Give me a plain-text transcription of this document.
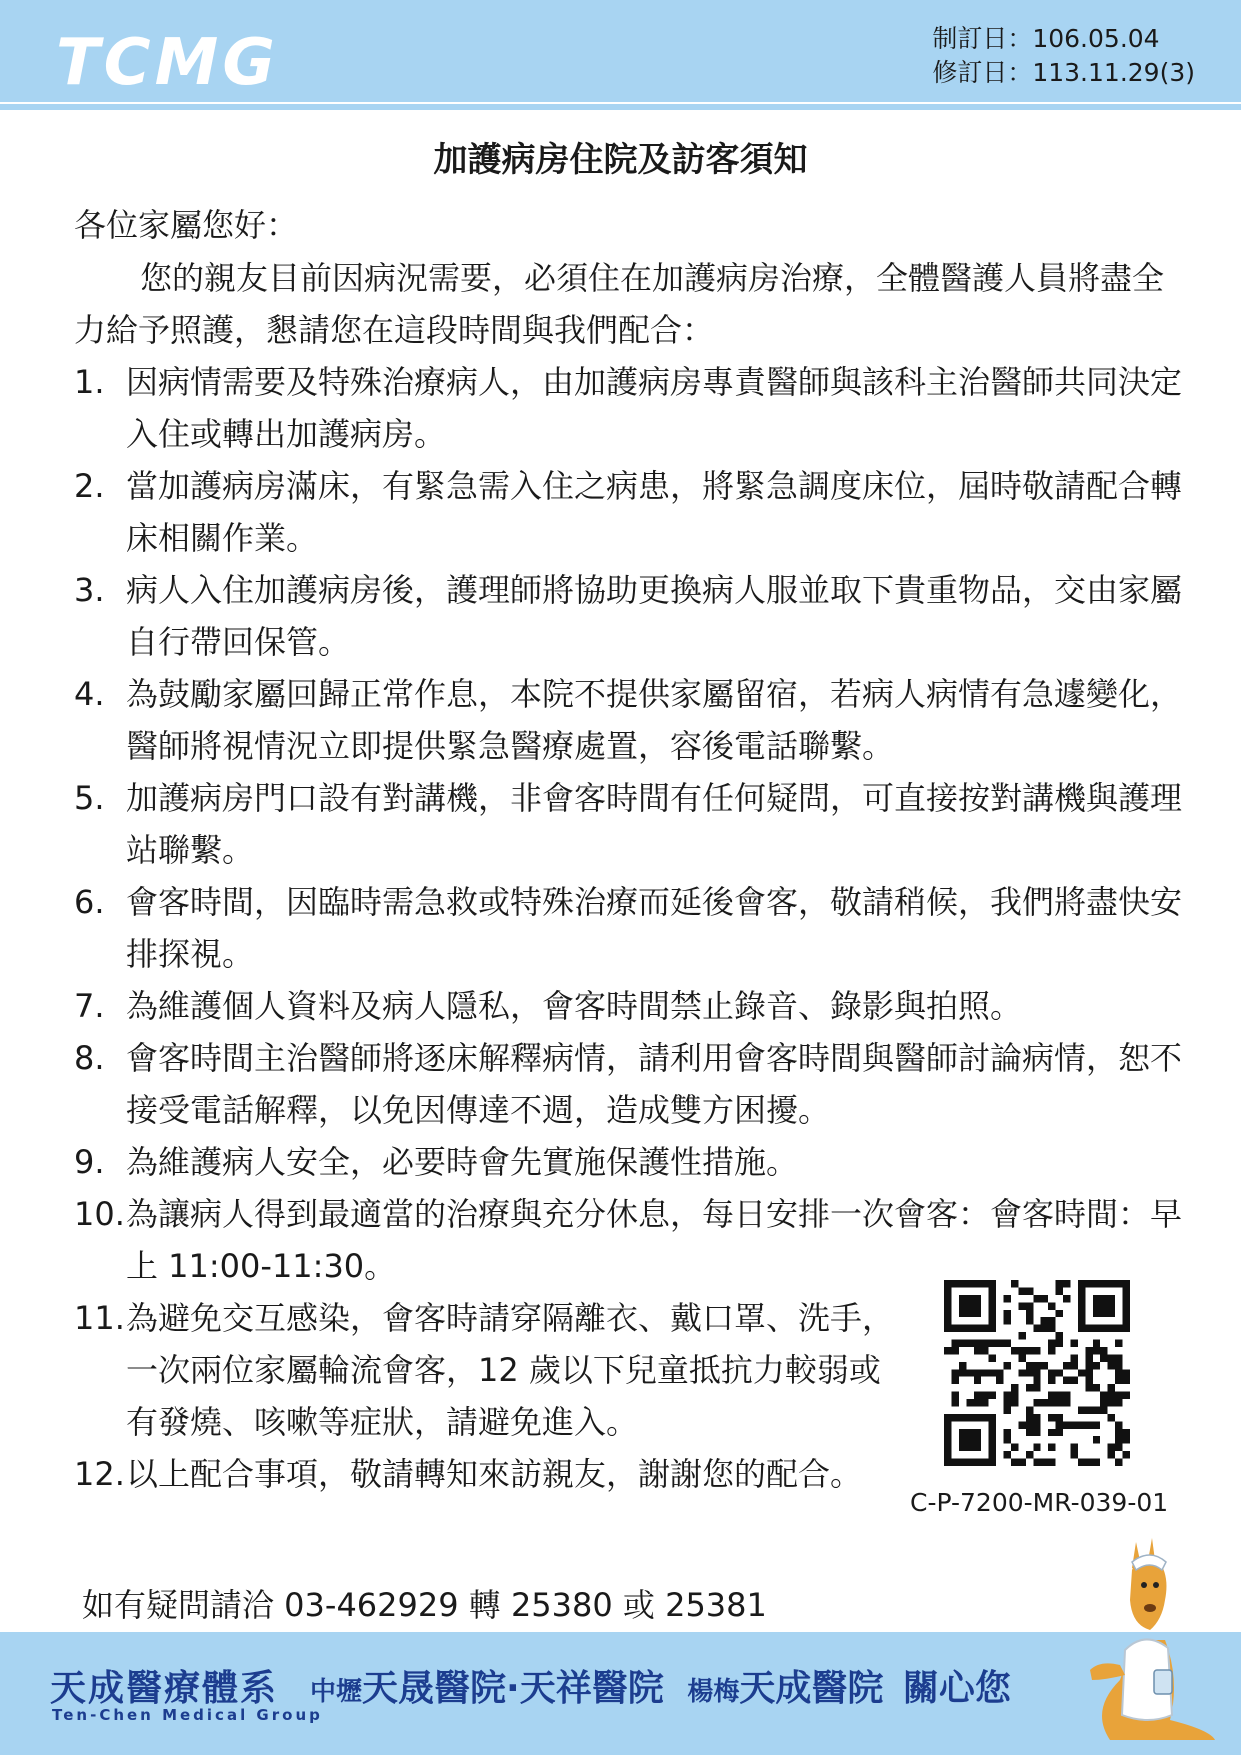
TCMG	制訂日：106.05.04
修訂日：113.11.29(3)
加護病房住院及訪客須知
各位家屬您好：
您的親友目前因病況需要，必須住在加護病房治療，全體醫護人員將盡全力給予照護，懇請您在這段時間與我們配合：
1. 因病情需要及特殊治療病人，由加護病房專責醫師與該科主治醫師共同決定入住或轉出加護病房。
2. 當加護病房滿床，有緊急需入住之病患，將緊急調度床位，屆時敬請配合轉床相關作業。
3. 病人入住加護病房後，護理師將協助更換病人服並取下貴重物品，交由家屬自行帶回保管。
4. 為鼓勵家屬回歸正常作息，本院不提供家屬留宿，若病人病情有急遽變化，醫師將視情況立即提供緊急醫療處置，容後電話聯繫。
5. 加護病房門口設有對講機，非會客時間有任何疑問，可直接按對講機與護理站聯繫。
6. 會客時間，因臨時需急救或特殊治療而延後會客，敬請稍候，我們將盡快安排探視。
7. 為維護個人資料及病人隱私，會客時間禁止錄音、錄影與拍照。
8. 會客時間主治醫師將逐床解釋病情，請利用會客時間與醫師討論病情，恕不接受電話解釋，以免因傳達不週，造成雙方困擾。
9. 為維護病人安全，必要時會先實施保護性措施。
10. 為讓病人得到最適當的治療與充分休息，每日安排一次會客：會客時間：早上 11:00-11:30。
11. 為避免交互感染，會客時請穿隔離衣、戴口罩、洗手，一次兩位家屬輪流會客，12 歲以下兒童抵抗力較弱或有發燒、咳嗽等症狀，請避免進入。
12. 以上配合事項，敬請轉知來訪親友，謝謝您的配合。
C-P-7200-MR-039-01
如有疑問請洽 03-462929 轉 25380 或 25381
天成醫療體系
Ten-Chen Medical Group
中壢天晟醫院·天祥醫院 楊梅天成醫院 關心您
